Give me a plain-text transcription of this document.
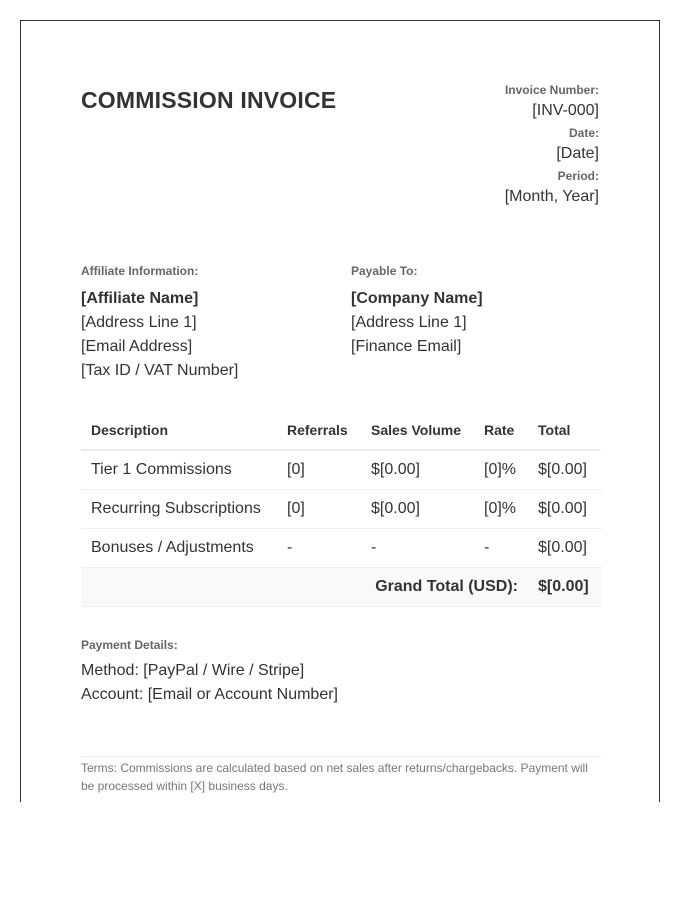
COMMISSION INVOICE	Invoice Number:
[INV-000]
Date:
[Date]
Period:
[Month, Year]
Affiliate Information:
[Affiliate Name]
[Address Line 1]
[Email Address]
[Tax ID / VAT Number]
Payable To:
[Company Name]
[Address Line 1]
[Finance Email]
Description	Referrals	Sales Volume	Rate	Total
Tier 1 Commissions	[0]	$[0.00]	[0]%	$[0.00]
Recurring Subscriptions	[0]	$[0.00]	[0]%	$[0.00]
Bonuses / Adjustments	-	-	-	$[0.00]
Grand Total (USD):				$[0.00]
Payment Details:
Method: [PayPal / Wire / Stripe]
Account: [Email or Account Number]
Terms: Commissions are calculated based on net sales after returns/chargebacks. Payment will be processed within [X] business days.
